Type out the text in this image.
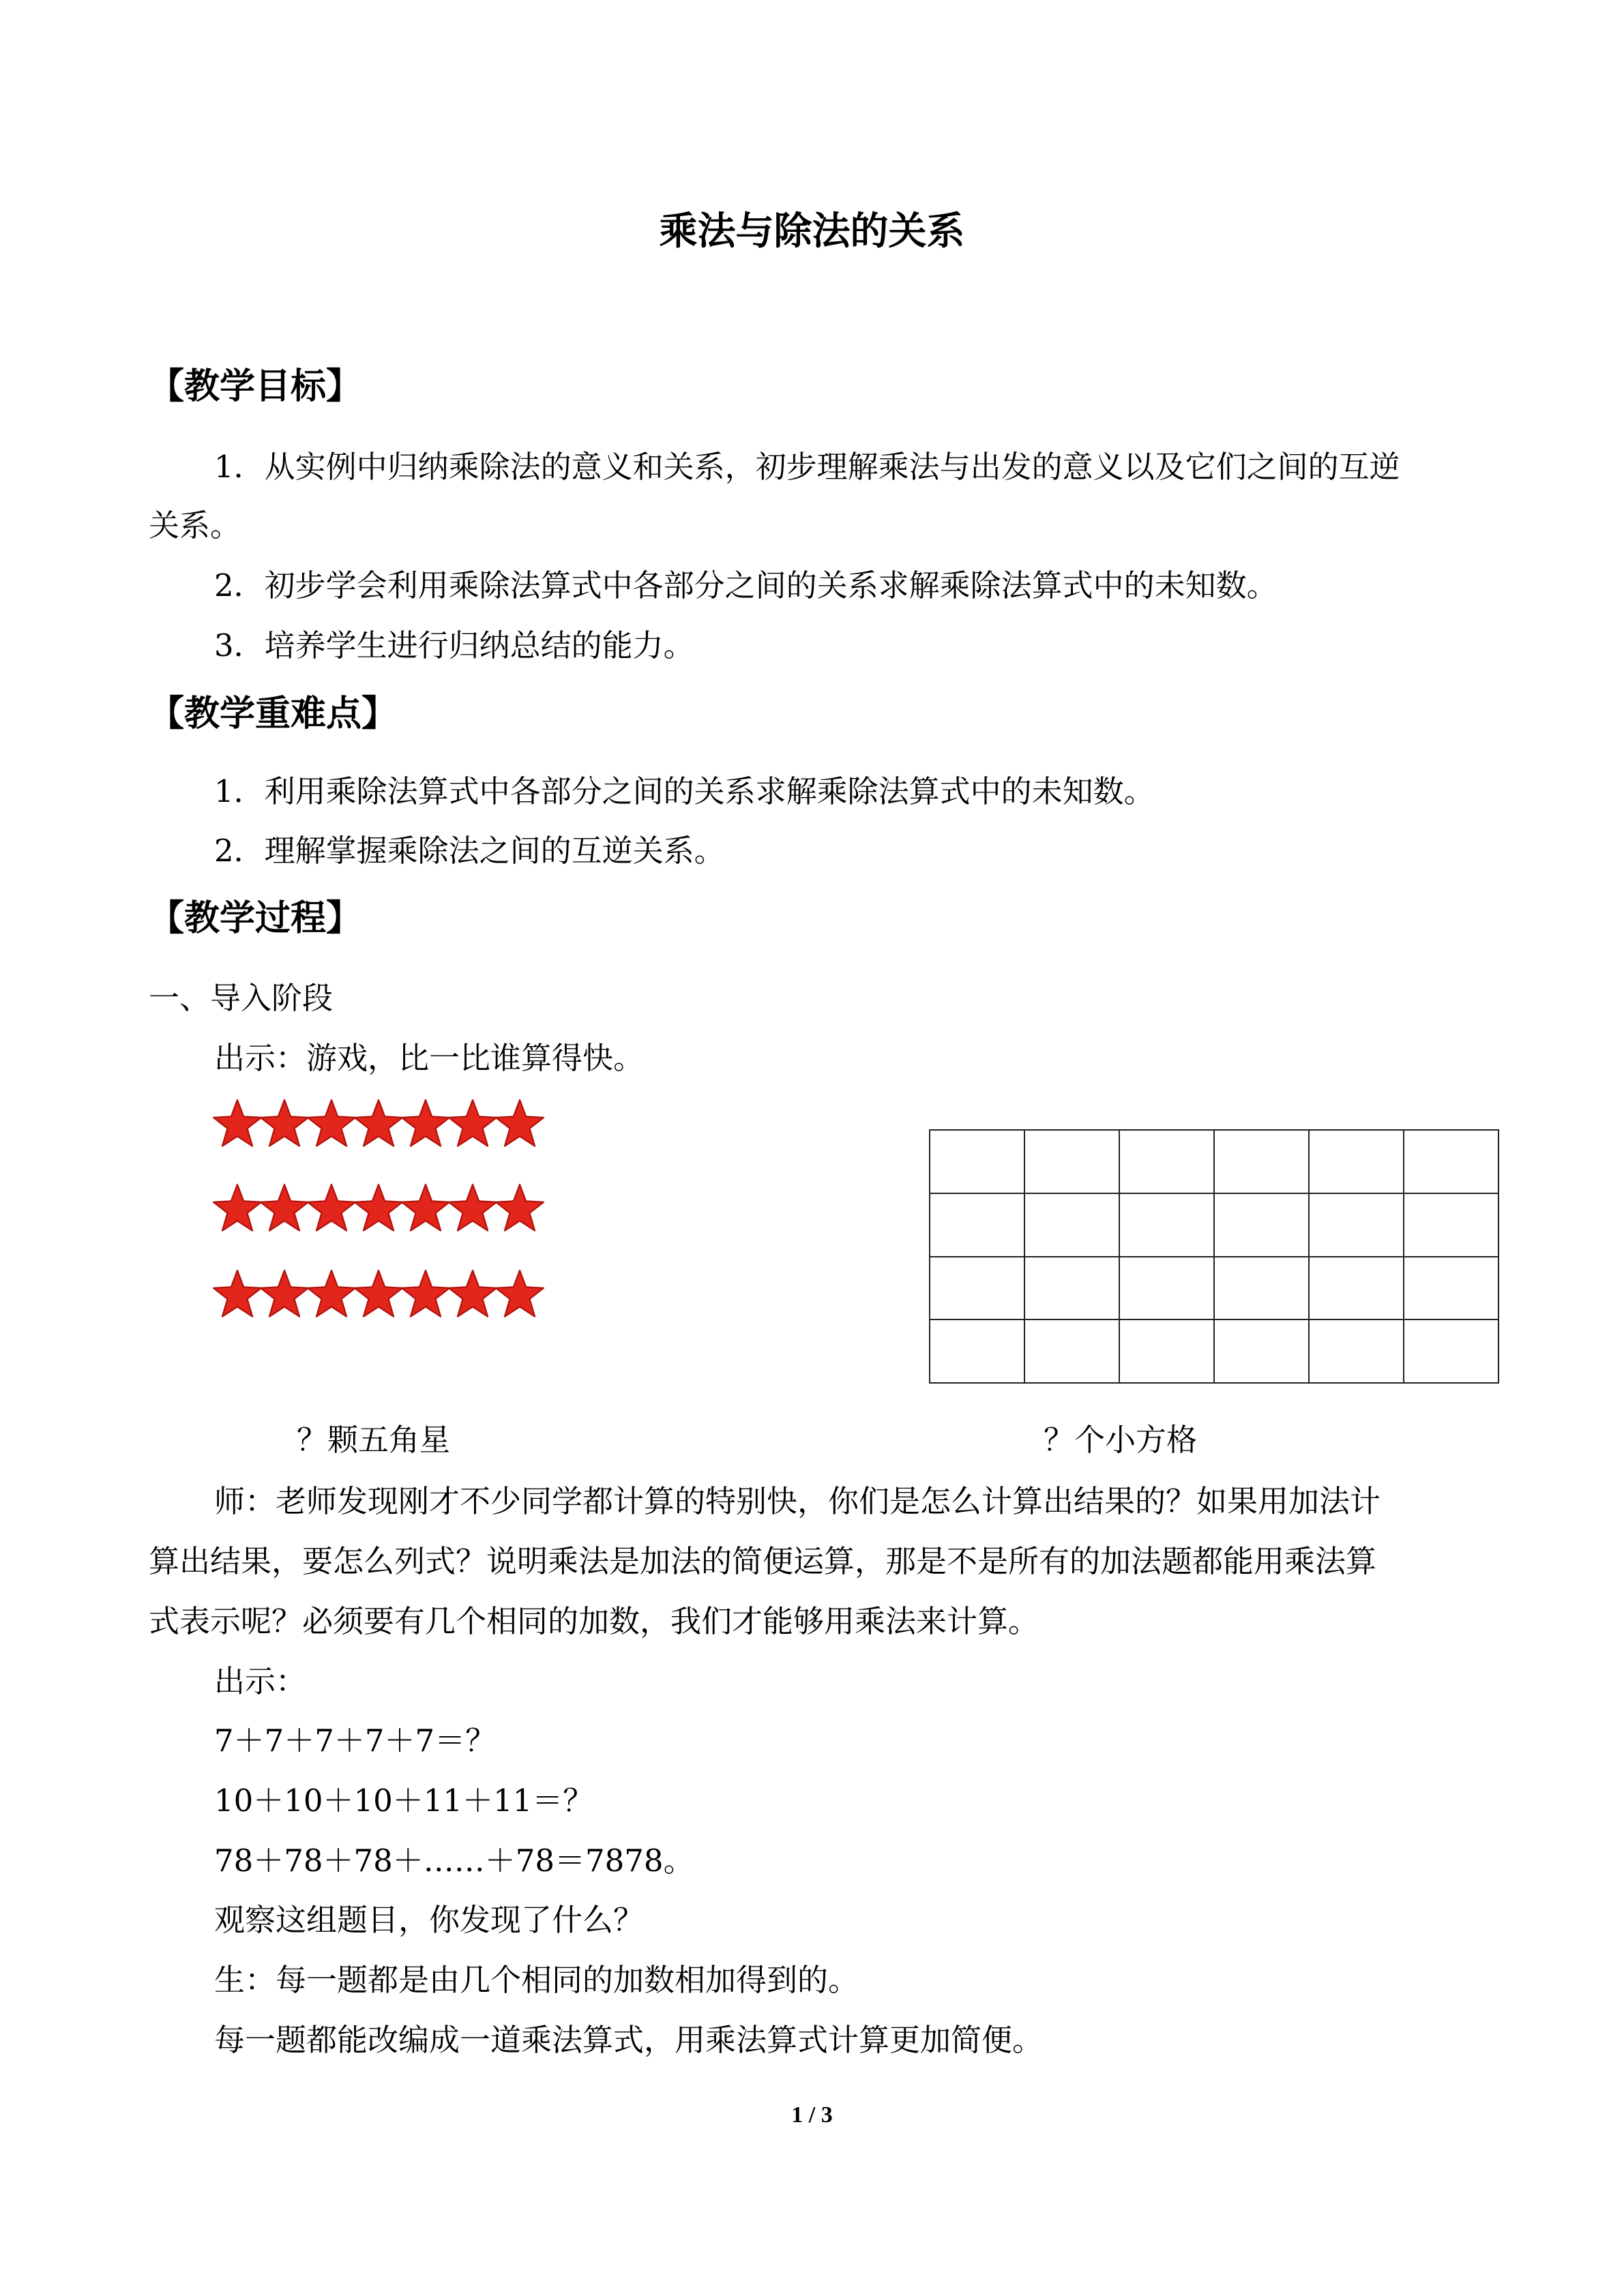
乘法与除法的关系
【教学目标】
1．从实例中归纳乘除法的意义和关系，初步理解乘法与出发的意义以及它们之间的互逆
关系。
2．初步学会利用乘除法算式中各部分之间的关系求解乘除法算式中的未知数。
3．培养学生进行归纳总结的能力。
【教学重难点】
1．利用乘除法算式中各部分之间的关系求解乘除法算式中的未知数。
2．理解掌握乘除法之间的互逆关系。
【教学过程】
一、导入阶段
出示：游戏，比一比谁算得快。

？颗五角星	？个小方格
师：老师发现刚才不少同学都计算的特别快，你们是怎么计算出结果的？如果用加法计
算出结果，要怎么列式？说明乘法是加法的简便运算，那是不是所有的加法题都能用乘法算
式表示呢？必须要有几个相同的加数，我们才能够用乘法来计算。
出示：
7＋7＋7＋7＋7＝？
10＋10＋10＋11＋11＝？
78＋78＋78＋……＋78＝7878。
观察这组题目，你发现了什么？
生：每一题都是由几个相同的加数相加得到的。
每一题都能改编成一道乘法算式，用乘法算式计算更加简便。
1 / 3
